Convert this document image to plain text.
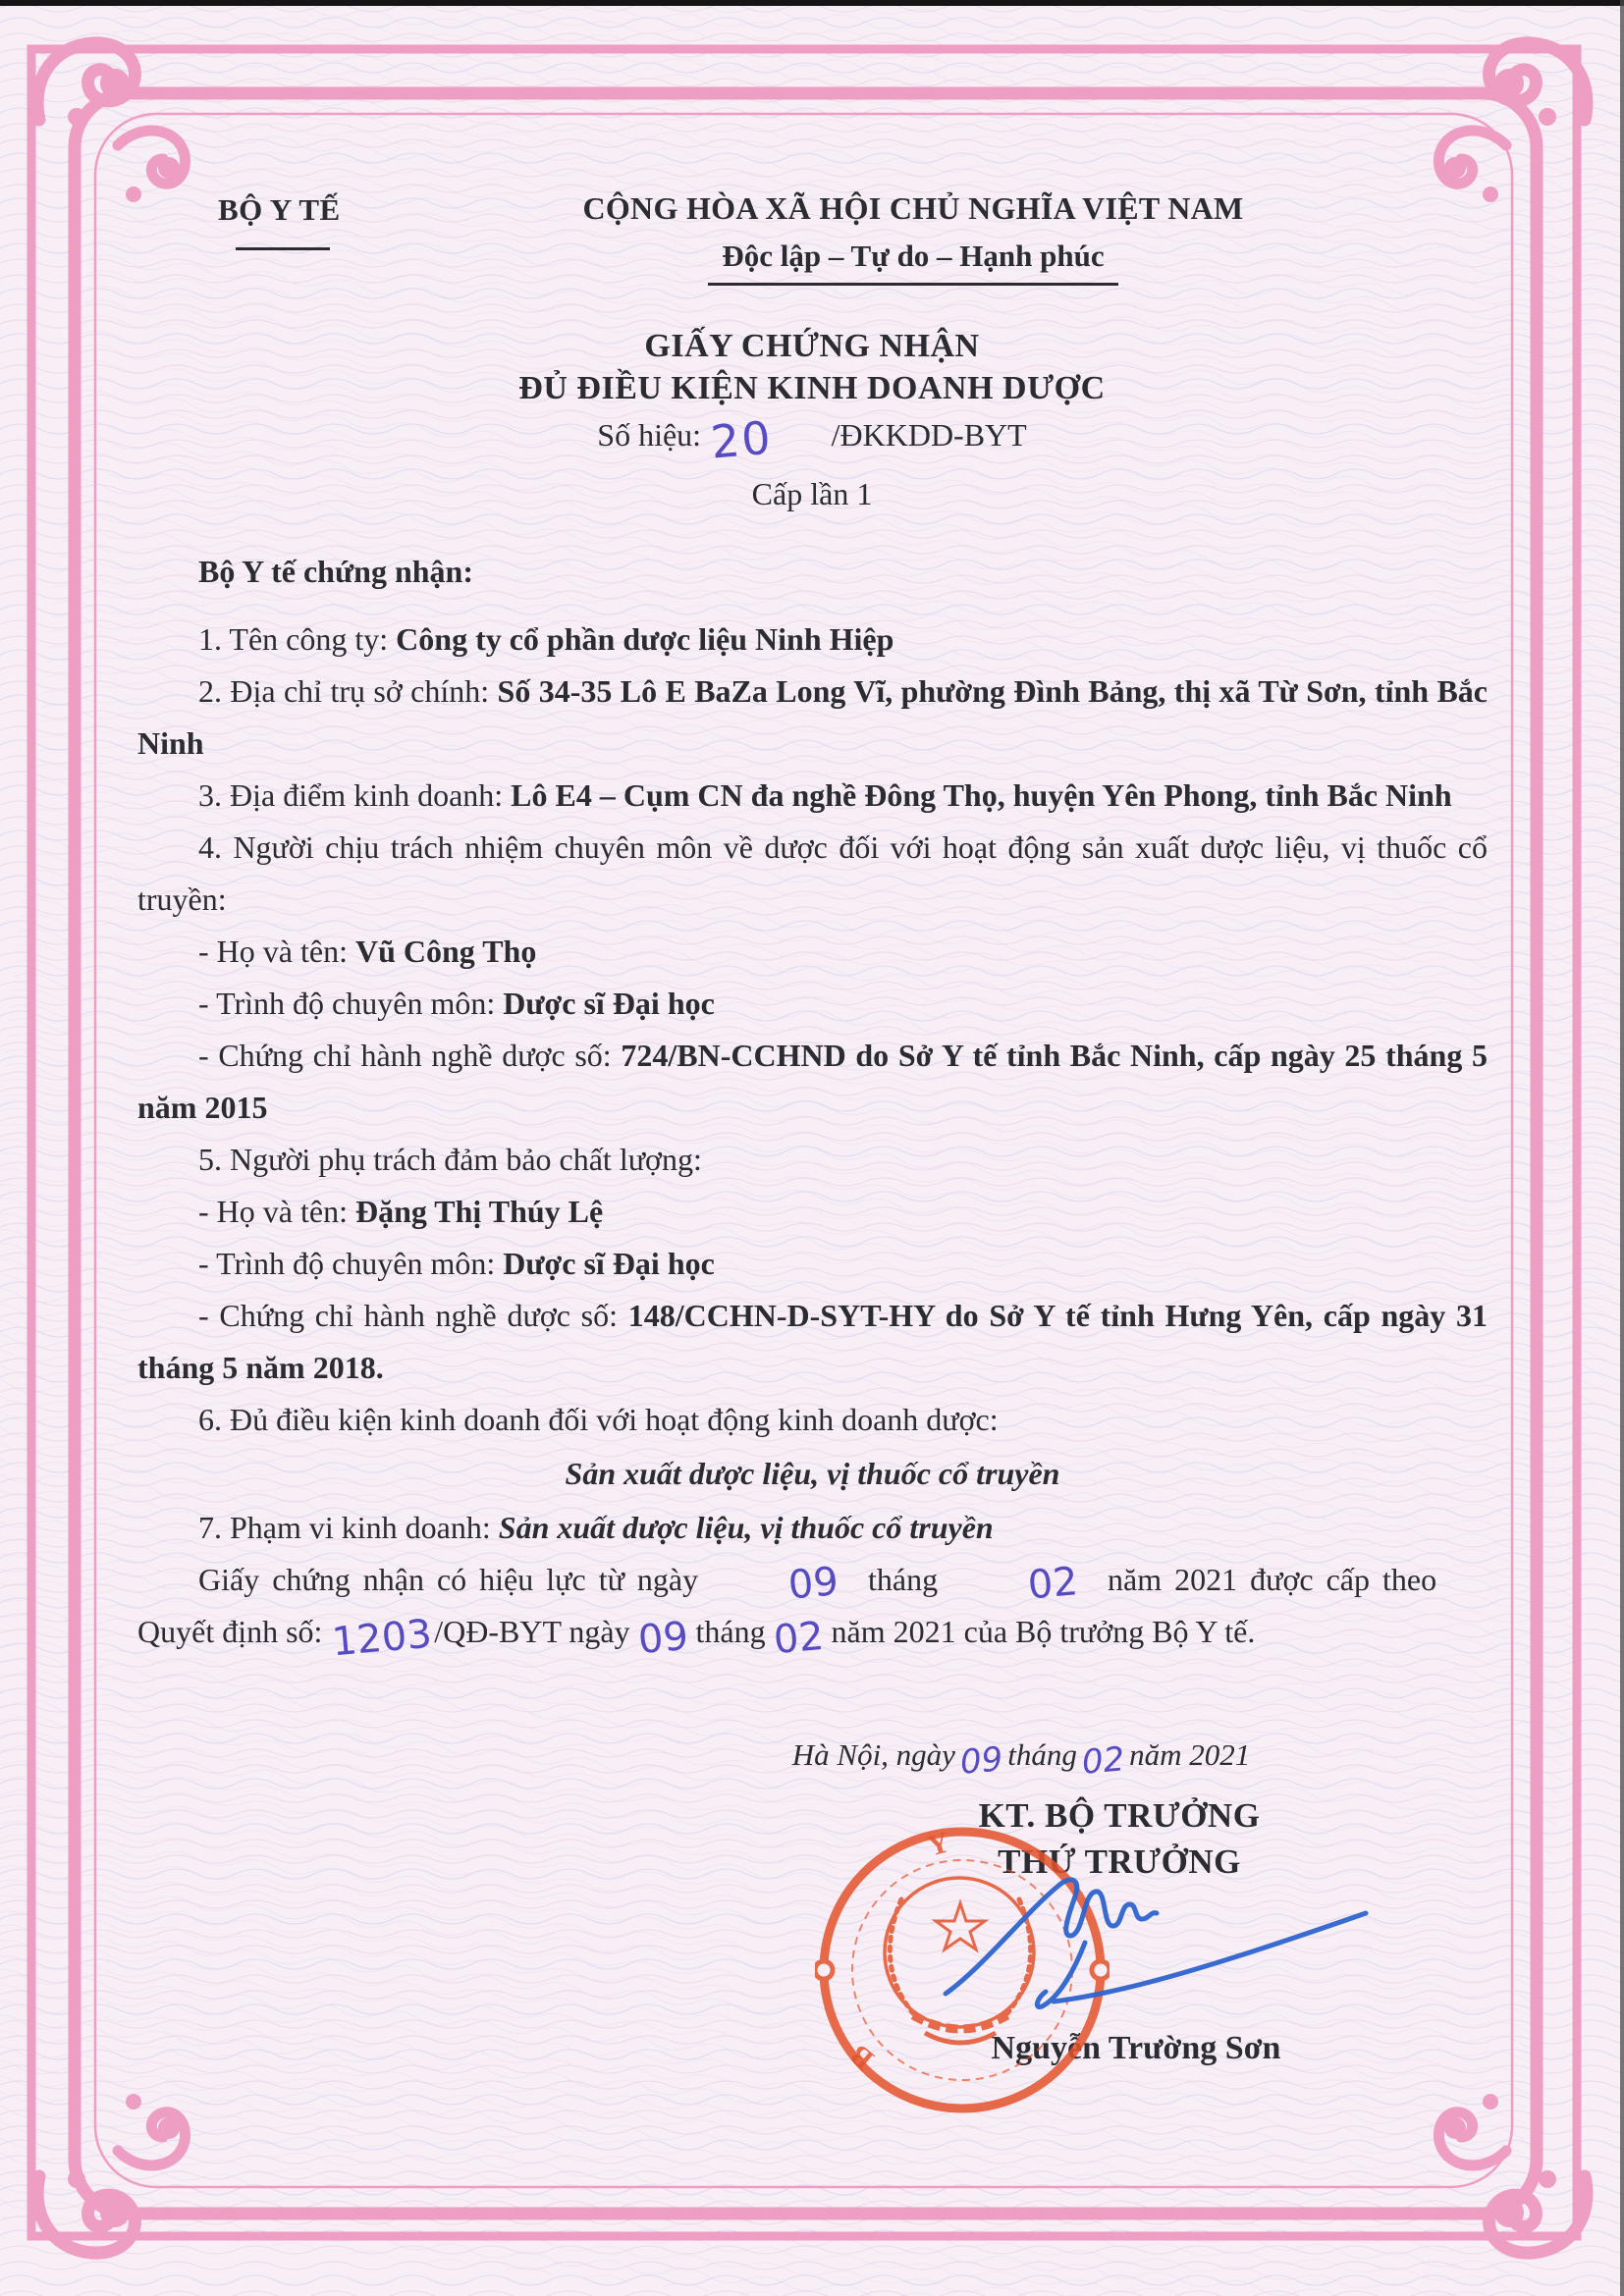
BỘ Y TẾ	CỘNG HÒA XÃ HỘI CHỦ NGHĨA VIỆT NAM
Độc lập – Tự do – Hạnh phúc
GIẤY CHỨNG NHẬN
ĐỦ ĐIỀU KIỆN KINH DOANH DƯỢC
Số hiệu: 20 /ĐKKDD-BYT
Cấp lần 1

Bộ Y tế chứng nhận:

1. Tên công ty: Công ty cổ phần dược liệu Ninh Hiệp

2. Địa chỉ trụ sở chính: Số 34-35 Lô E BaZa Long Vĩ, phường Đình Bảng, thị xã Từ Sơn, tỉnh Bắc Ninh

3. Địa điểm kinh doanh: Lô E4 – Cụm CN đa nghề Đông Thọ, huyện Yên Phong, tỉnh Bắc Ninh

4. Người chịu trách nhiệm chuyên môn về dược đối với hoạt động sản xuất dược liệu, vị thuốc cổ truyền:

- Họ và tên: Vũ Công Thọ

- Trình độ chuyên môn: Dược sĩ Đại học

- Chứng chỉ hành nghề dược số: 724/BN-CCHND do Sở Y tế tỉnh Bắc Ninh, cấp ngày 25 tháng 5 năm 2015

5. Người phụ trách đảm bảo chất lượng:

- Họ và tên: Đặng Thị Thúy Lệ

- Trình độ chuyên môn: Dược sĩ Đại học

- Chứng chỉ hành nghề dược số: 148/CCHN-D-SYT-HY do Sở Y tế tỉnh Hưng Yên, cấp ngày 31 tháng 5 năm 2018.

6. Đủ điều kiện kinh doanh đối với hoạt động kinh doanh dược:

Sản xuất dược liệu, vị thuốc cổ truyền

7. Phạm vi kinh doanh: Sản xuất dược liệu, vị thuốc cổ truyền

Giấy chứng nhận có hiệu lực từ ngày 09 tháng 02 năm 2021 được cấp theo

Quyết định số: 1203/QĐ-BYT ngày 09 tháng 02 năm 2021 của Bộ trưởng Bộ Y tế.

Hà Nội, ngày09 tháng02 năm 2021
KT. BỘ TRƯỞNG
THỨ TRƯỞNG
Nguyễn Trường Sơn
Y
B
